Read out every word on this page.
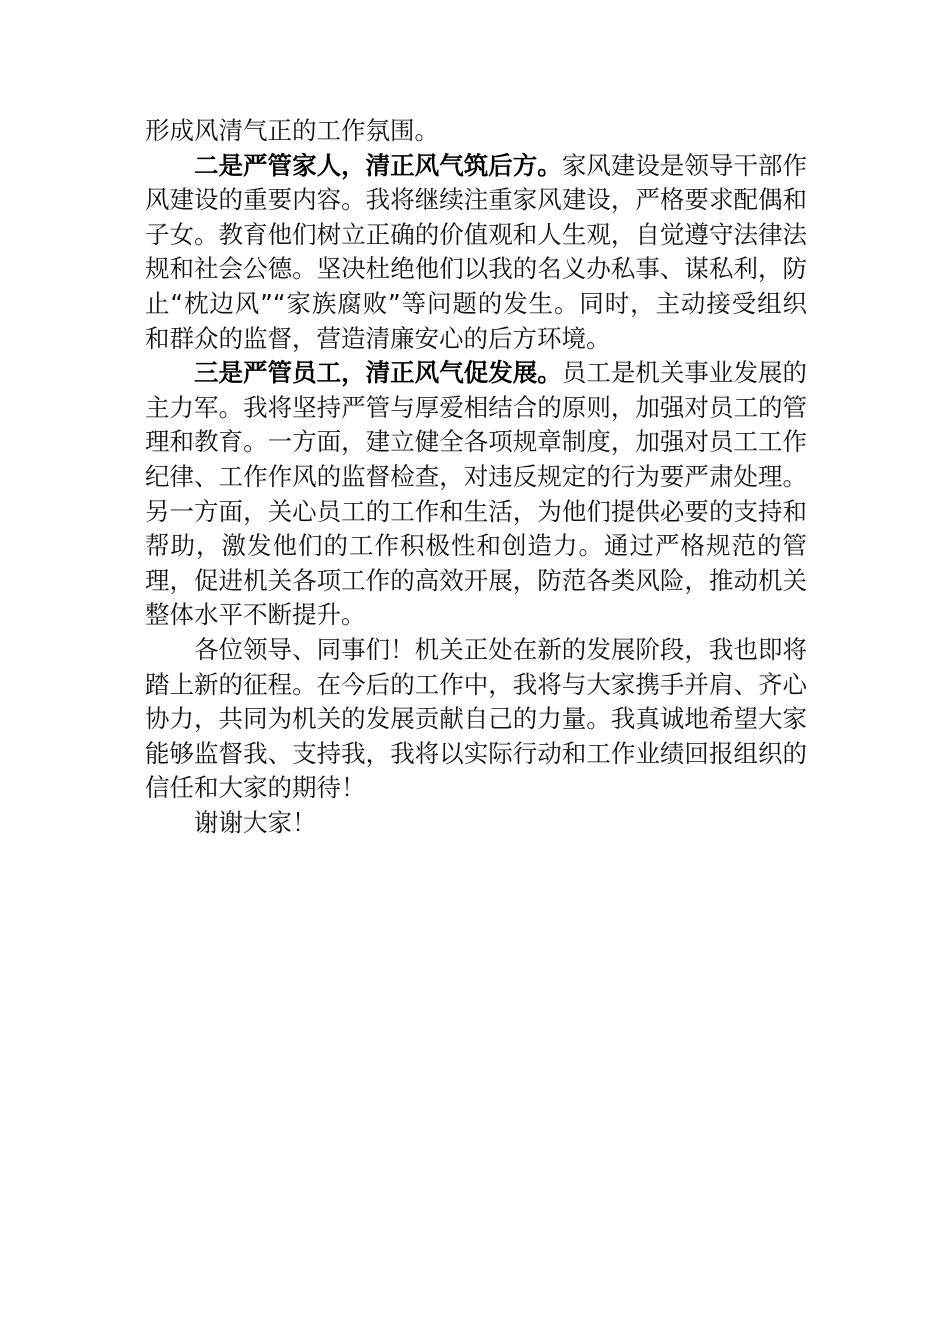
形成风清气正的工作氛围。

二是严管家人，清正风气筑后方。家风建设是领导干部作风建设的重要内容。我将继续注重家风建设，严格要求配偶和子女。教育他们树立正确的价值观和人生观，自觉遵守法律法规和社会公德。坚决杜绝他们以我的名义办私事、谋私利，防止“枕边风”“家族腐败”等问题的发生。同时，主动接受组织和群众的监督，营造清廉安心的后方环境。

三是严管员工，清正风气促发展。员工是机关事业发展的主力军。我将坚持严管与厚爱相结合的原则，加强对员工的管理和教育。一方面，建立健全各项规章制度，加强对员工工作纪律、工作作风的监督检查，对违反规定的行为要严肃处理。另一方面，关心员工的工作和生活，为他们提供必要的支持和帮助，激发他们的工作积极性和创造力。通过严格规范的管理，促进机关各项工作的高效开展，防范各类风险，推动机关整体水平不断提升。

各位领导、同事们！机关正处在新的发展阶段，我也即将踏上新的征程。在今后的工作中，我将与大家携手并肩、齐心协力，共同为机关的发展贡献自己的力量。我真诚地希望大家能够监督我、支持我，我将以实际行动和工作业绩回报组织的信任和大家的期待！

谢谢大家！
